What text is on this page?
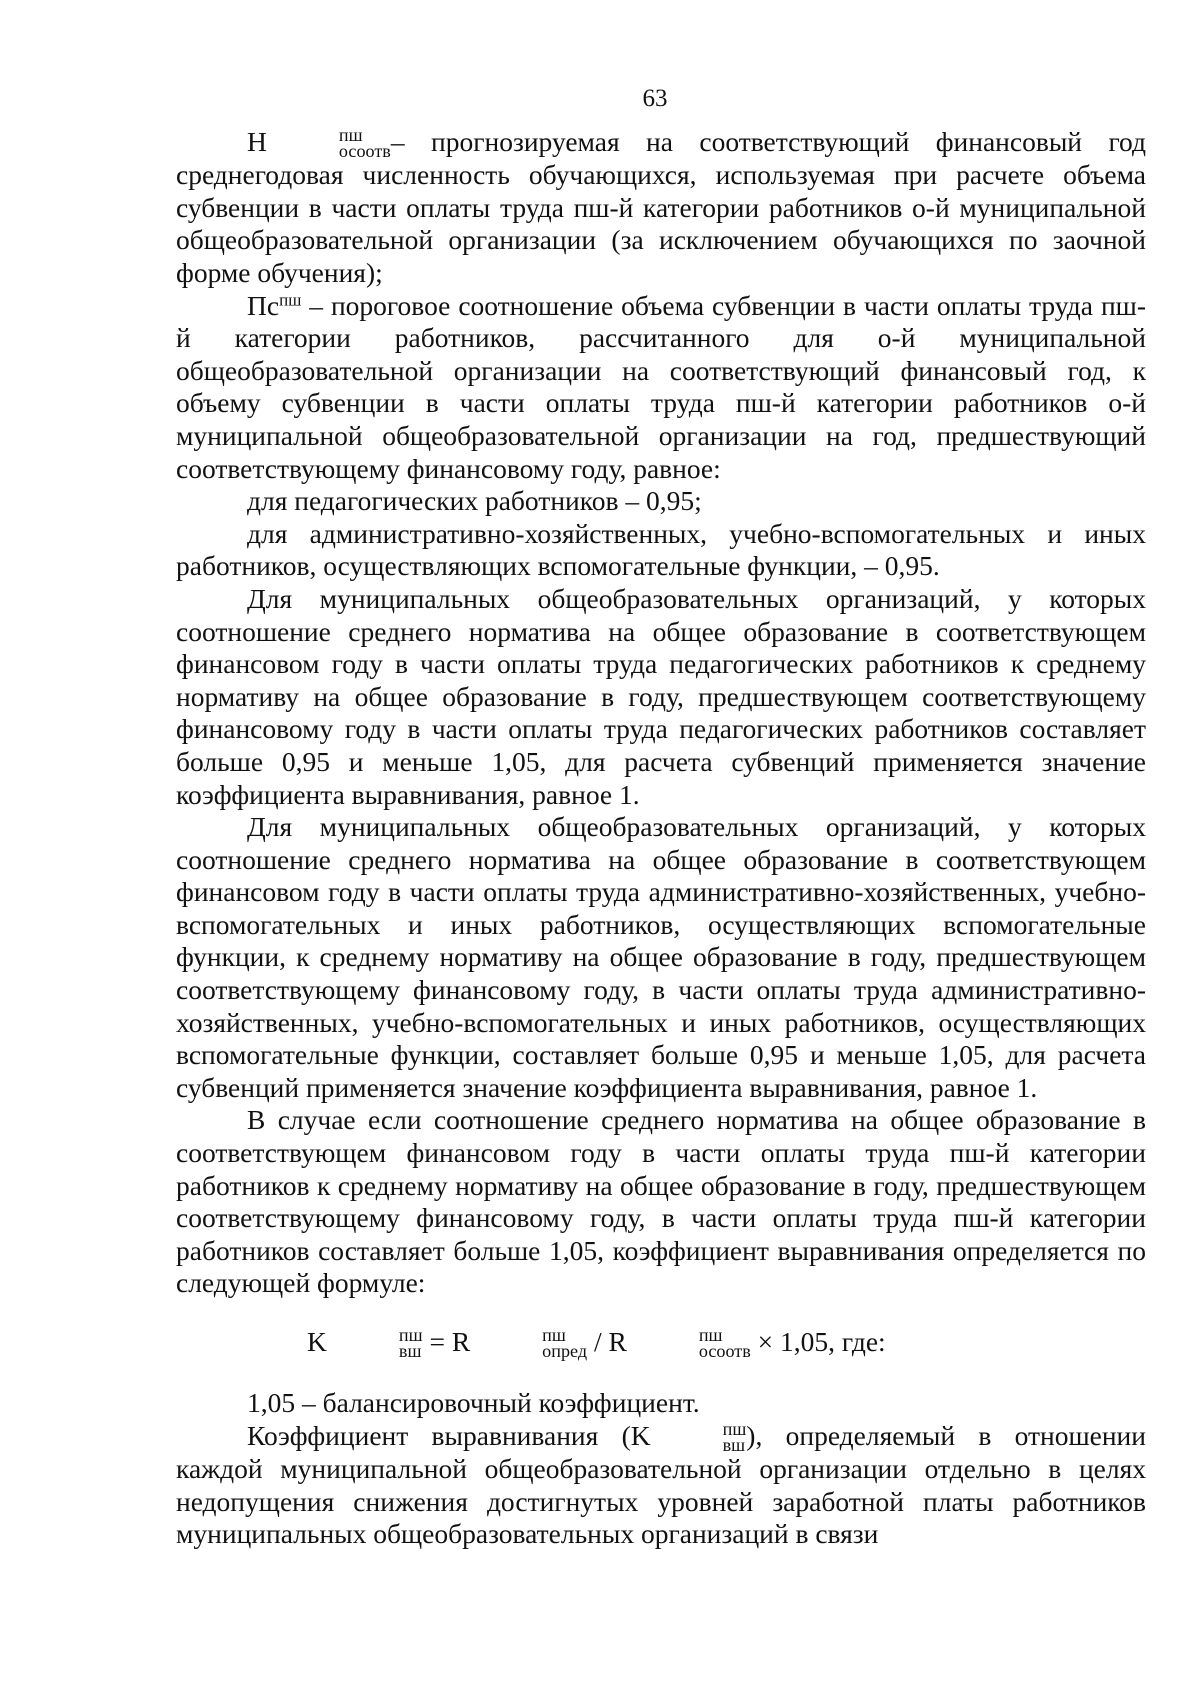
63

Н	пш
осоотв – прогнозируемая на соответствующий финансовый год среднегодовая численность обучающихся, используемая при расчете объема субвенции в части оплаты труда пш-й категории работников о-й муниципальной общеобразовательной организации (за исключением обучающихся по заочной форме обучения);

$Пс^{пш}$ – пороговое соотношение объема субвенции в части оплаты труда пш-й категории работников, рассчитанного для о-й муниципальной общеобразовательной организации на соответствующий финансовый год, к объему субвенции в части оплаты труда пш-й категории работников о-й муниципальной общеобразовательной организации на год, предшествующий соответствующему финансовому году, равное:

для педагогических работников – 0,95;

для административно-хозяйственных, учебно-вспомогательных и иных работников, осуществляющих вспомогательные функции, – 0,95.

Для муниципальных общеобразовательных организаций, у которых соотношение среднего норматива на общее образование в соответствующем финансовом году в части оплаты труда педагогических работников к среднему нормативу на общее образование в году, предшествующем соответствующему финансовому году в части оплаты труда педагогических работников составляет больше 0,95 и меньше 1,05, для расчета субвенций применяется значение коэффициента выравнивания, равное 1.

Для муниципальных общеобразовательных организаций, у которых соотношение среднего норматива на общее образование в соответствующем финансовом году в части оплаты труда административно-хозяйственных, учебно-вспомогательных и иных работников, осуществляющих вспомогательные функции, к среднему нормативу на общее образование в году, предшествующем соответствующему финансовому году, в части оплаты труда административно-хозяйственных, учебно-вспомогательных и иных работников, осуществляющих вспомогательные функции, составляет больше 0,95 и меньше 1,05, для расчета субвенций применяется значение коэффициента выравнивания, равное 1.

В случае если соотношение среднего норматива на общее образование в соответствующем финансовом году в части оплаты труда пш-й категории работников к среднему нормативу на общее образование в году, предшествующем соответствующему финансовому году, в части оплаты труда пш-й категории работников составляет больше 1,05, коэффициент выравнивания определяется по следующей формуле:

K	пш
вш = R	пш
опред / R	пш
осоотв × 1,05, где:

1,05 – балансировочный коэффициент.

Коэффициент выравнивания (K	пш
вш ), определяемый в отношении каждой муниципальной общеобразовательной организации отдельно в целях недопущения снижения достигнутых уровней заработной платы работников муниципальных общеобразовательных организаций в связи
